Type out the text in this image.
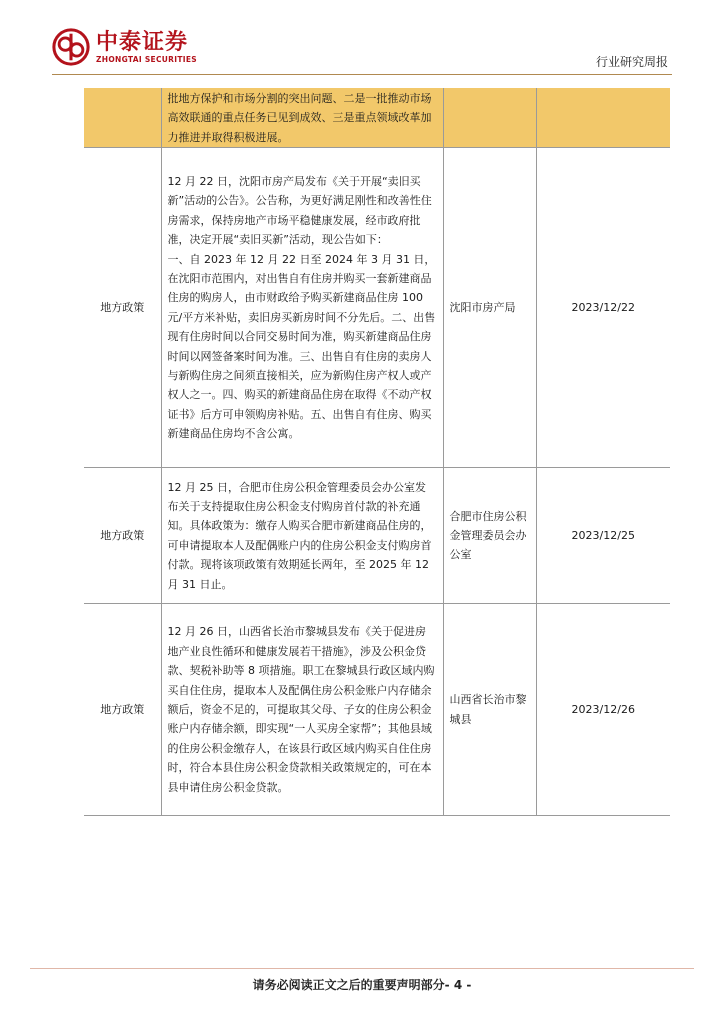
中泰证券
ZHONGTAI SECURITIES	行业研究周报

	批地方保护和市场分割的突出问题、二是一批推动市场高效联通的重点任务已见到成效、三是重点领域改革加力推进并取得积极进展。		

地方政策	12 月 22 日，沈阳市房产局发布《关于开展“卖旧买新”活动的公告》。公告称，为更好满足刚性和改善性住房需求，保持房地产市场平稳健康发展，经市政府批准，决定开展“卖旧买新”活动，现公告如下：
一、自 2023 年 12 月 22 日至 2024 年 3 月 31 日，在沈阳市范围内，对出售自有住房并购买一套新建商品住房的购房人，由市财政给予购买新建商品住房 100 元/平方米补贴，卖旧房买新房时间不分先后。二、出售现有住房时间以合同交易时间为准，购买新建商品住房时间以网签备案时间为准。三、出售自有住房的卖房人与新购住房之间须直接相关，应为新购住房产权人或产权人之一。四、购买的新建商品住房在取得《不动产权证书》后方可申领购房补贴。五、出售自有住房、购买新建商品住房均不含公寓。	沈阳市房产局	2023/12/22
地方政策	12 月 25 日，合肥市住房公积金管理委员会办公室发布关于支持提取住房公积金支付购房首付款的补充通知。具体政策为：缴存人购买合肥市新建商品住房的，可申请提取本人及配偶账户内的住房公积金支付购房首付款。现将该项政策有效期延长两年，至 2025 年 12 月 31 日止。	合肥市住房公积金管理委员会办公室	2023/12/25
地方政策	12 月 26 日，山西省长治市黎城县发布《关于促进房地产业良性循环和健康发展若干措施》，涉及公积金贷款、契税补助等 8 项措施。职工在黎城县行政区域内购买自住住房，提取本人及配偶住房公积金账户内存储余额后，资金不足的，可提取其父母、子女的住房公积金账户内存储余额，即实现“一人买房全家帮”；其他县域的住房公积金缴存人，在该县行政区域内购买自住住房时，符合本县住房公积金贷款相关政策规定的，可在本县申请住房公积金贷款。	山西省长治市黎城县	2023/12/26
请务必阅读正文之后的重要声明部分- 4 -
